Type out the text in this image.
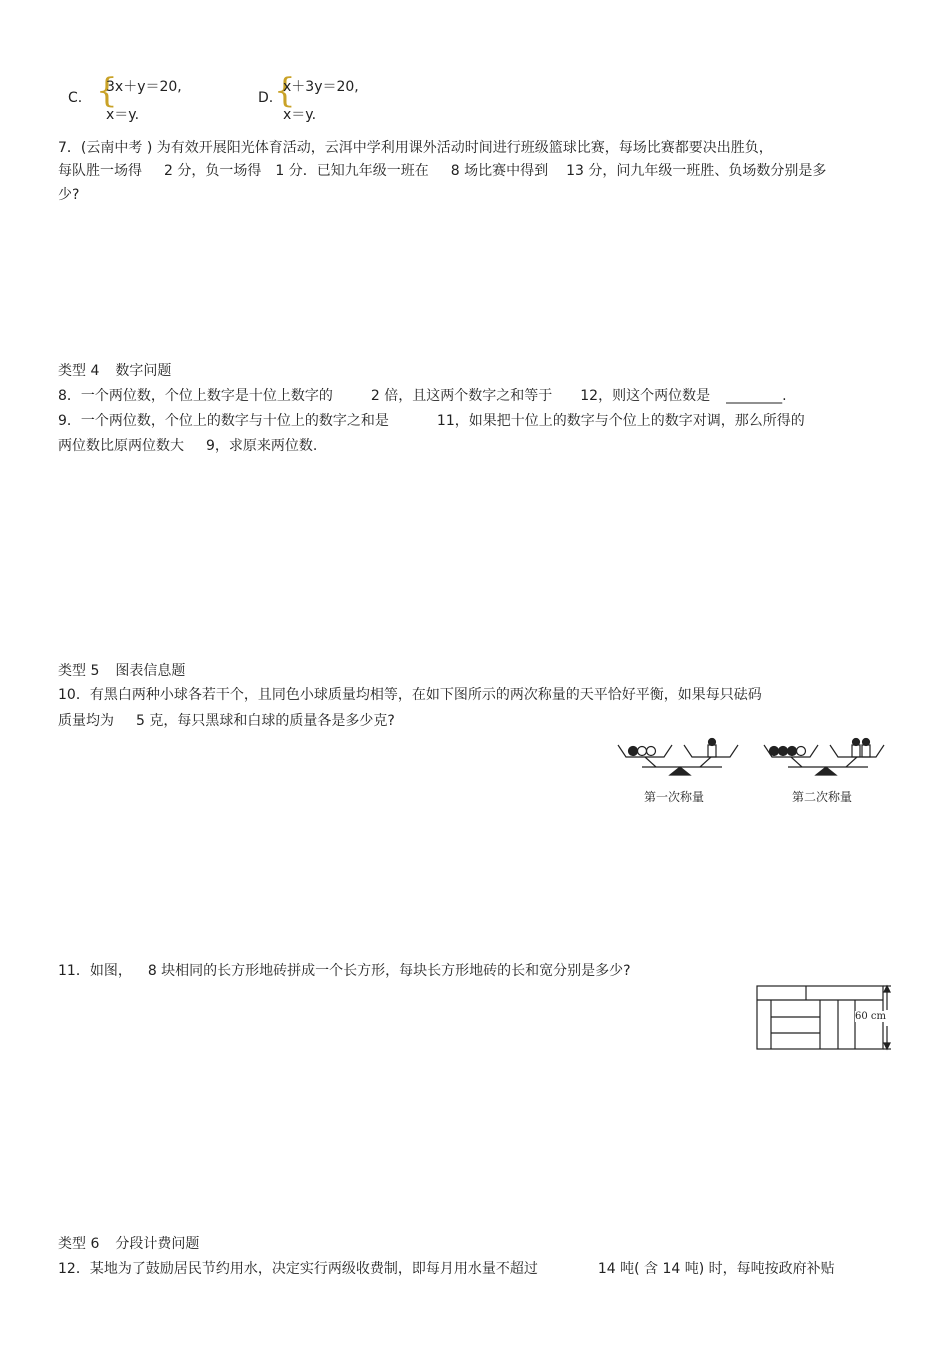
C. {
3x＋y＝20,
x＝y.
D. {
x＋3y＝20,
x＝y.
7．(云南中考 ) 为有效开展阳光体育活动，云洱中学利用课外活动时间进行班级篮球比赛，每场比赛都要决出胜负，
每队胜一场得 2 分，负一场得 1 分．已知九年级一班在 8 场比赛中得到 13 分，问九年级一班胜、负场数分别是多
少?
类型 4 数字问题
8．一个两位数，个位上数字是十位上数字的	2 倍，且这两个数字之和等于 12，则这个两位数是 ________.
9．一个两位数，个位上的数字与十位上的数字之和是	11，如果把十位上的数字与个位上的数字对调，那么所得的
两位数比原两位数大 9，求原来两位数.
类型 5 图表信息题
10．有黑白两种小球各若干个，且同色小球质量均相等，在如下图所示的两次称量的天平恰好平衡，如果每只砝码
质量均为 5 克，每只黑球和白球的质量各是多少克?
第一次称量	第二次称量
11．如图， 8 块相同的长方形地砖拼成一个长方形，每块长方形地砖的长和宽分别是多少?
60 cm
类型 6 分段计费问题
12．某地为了鼓励居民节约用水，决定实行两级收费制，即每月用水量不超过	14 吨( 含 14 吨) 时，每吨按政府补贴
